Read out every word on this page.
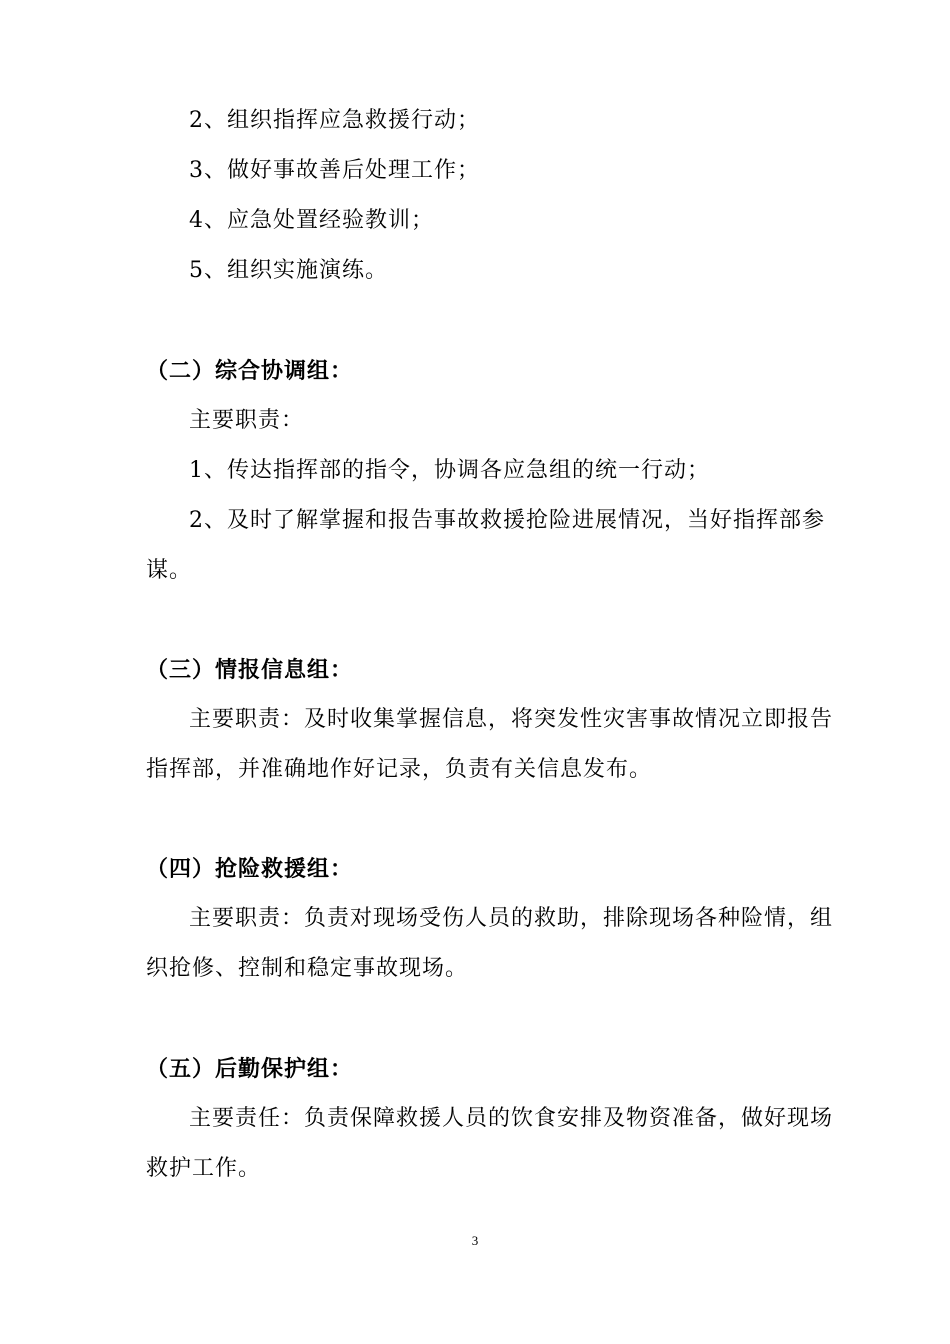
2、组织指挥应急救援行动；
3、做好事故善后处理工作；
4、应急处置经验教训；
5、组织实施演练。
（二）综合协调组：
主要职责：
1、传达指挥部的指令，协调各应急组的统一行动；
2、及时了解掌握和报告事故救援抢险进展情况，当好指挥部参
谋。
（三）情报信息组：
主要职责：及时收集掌握信息，将突发性灾害事故情况立即报告
指挥部，并准确地作好记录，负责有关信息发布。
（四）抢险救援组：
主要职责：负责对现场受伤人员的救助，排除现场各种险情，组
织抢修、控制和稳定事故现场。
（五）后勤保护组：
主要责任：负责保障救援人员的饮食安排及物资准备，做好现场
救护工作。
3
